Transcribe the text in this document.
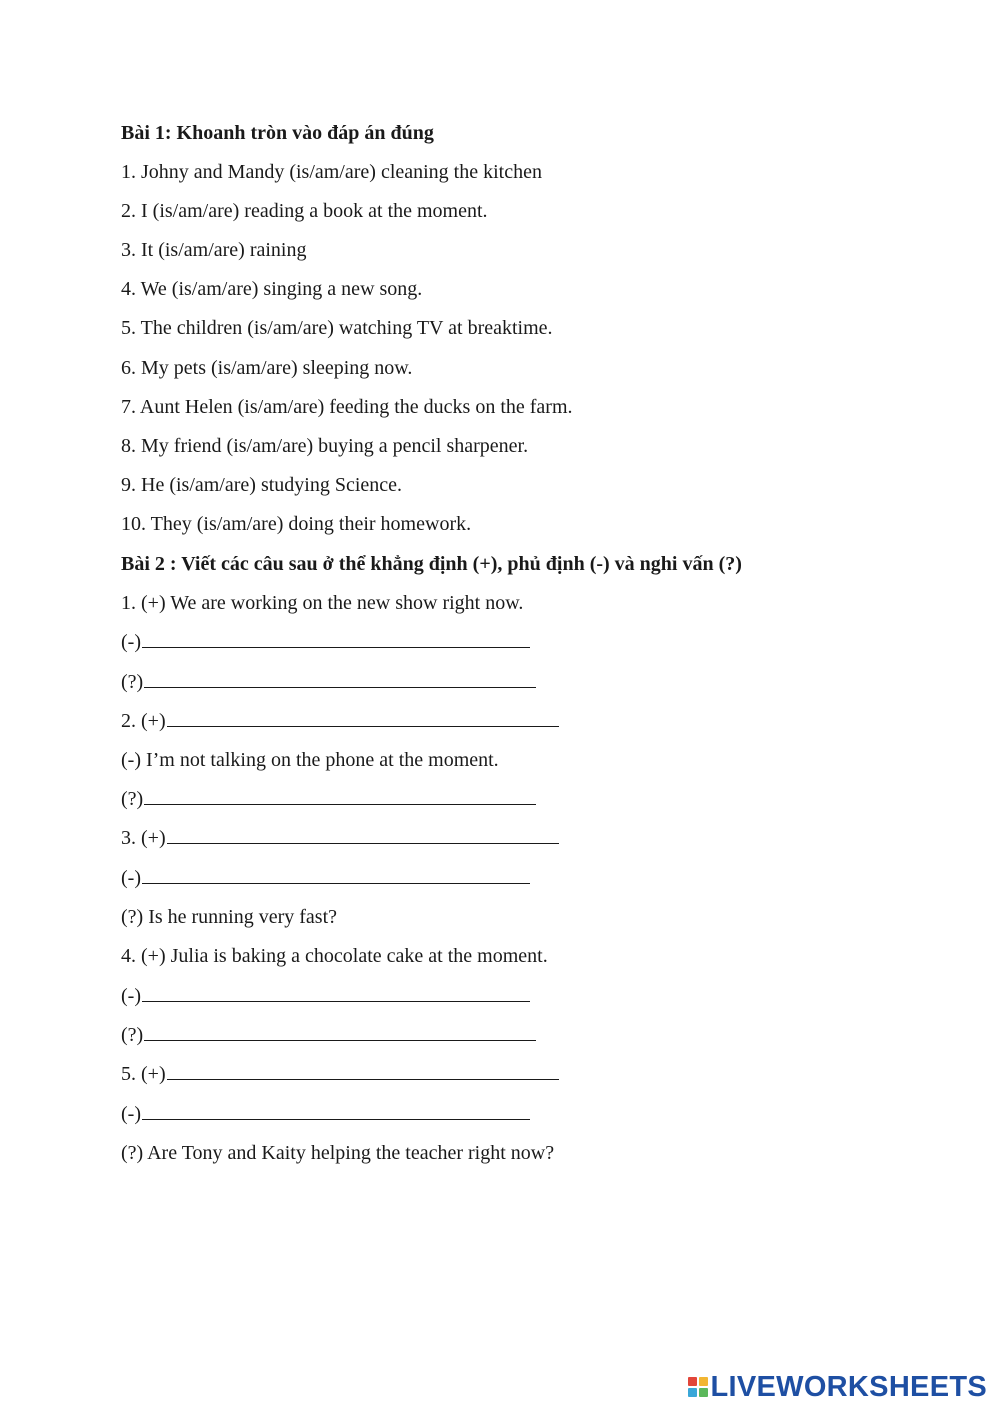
Bài 1: Khoanh tròn vào đáp án đúng
1. Johny and Mandy (is/am/are) cleaning the kitchen
2. I (is/am/are) reading a book at the moment.
3. It (is/am/are) raining
4. We (is/am/are) singing a new song.
5. The children (is/am/are) watching TV at breaktime.
6. My pets (is/am/are) sleeping now.
7. Aunt Helen (is/am/are) feeding the ducks on the farm.
8. My friend (is/am/are) buying a pencil sharpener.
9. He (is/am/are) studying Science.
10. They (is/am/are) doing their homework.
Bài 2 : Viết các câu sau ở thể khẳng định (+), phủ định (-) và nghi vấn (?)
1. (+) We are working on the new show right now.
(-)
(?)
2. (+)
(-) I’m not talking on the phone at the moment.
(?)
3. (+)
(-)
(?) Is he running very fast?
4. (+) Julia is baking a chocolate cake at the moment.
(-)
(?)
5. (+)
(-)
(?) Are Tony and Kaity helping the teacher right now?
LIVEWORKSHEETS
